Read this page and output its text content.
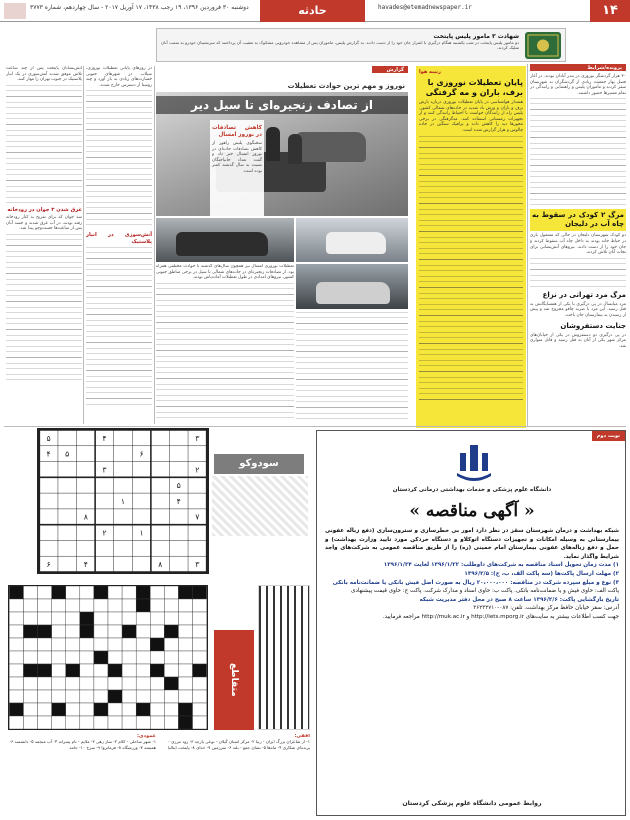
۱۴
havades@etemadnewspaper.ir
حادثه
دوشنبه ۳۰ فروردین ۱۳۹۶، ۱۹ رجب ۱۴۳۸، ۱۷ آوریل ۲۰۱۷ - سال چهاردهم، شماره ۳۷۷۳
شهادت ۳ مامور پلیس پایتخت
دو مامور پلیس پایتخت در شب یکشنبه هنگام درگیری با اشرار جان خود را از دست دادند. به گزارش پلیس، ماموران پس از مشاهده خودرویی مشکوک به تعقیب آن پرداختند که سرنشینان خودرو به سمت آنان شلیک کردند.
پرونده/شرایط

۳۰ هزار گردشگر نوروزی در بندر آبادان بودند. در آغاز فصل بهار جمعیت زیادی از گردشگران به شهرستان سفر کردند و ماموران پلیس و راهنمایی و رانندگی در تمام مسیرها حضور داشتند.

مرگ ۲ کودک در سقوط به چاه آب در دلیجان

دو کودک شهرستان دلیجان در حالی که مشغول بازی در حیاط خانه بودند به داخل چاه آب سقوط کردند و جان خود را از دست دادند. نیروهای آتش‌نشانی برای نجات آنان تلاش کردند.

مرگ مرد تهرانی در نزاع

مرد میانسال در پی درگیری با یکی از همسایگانش به قتل رسید. این مرد با ضربه چاقو مجروح شد و پیش از رسیدن به بیمارستان جان باخت.

جنایت دستفروشان

در پی درگیری دو دستفروش در یکی از خیابان‌های مرکز شهر یکی از آنان به قتل رسید و قاتل متواری شد.

رتیبه هوا
پایان تعطیلات نوروزی با برف، باران و مه گرفتگی
هشدار هواشناسی در پایان تعطیلات نوروزی درباره بارش برف و باران و وزش باد شدید در جاده‌های شمالی کشور. پلیس راه از رانندگان خواست با احتیاط رانندگی کنند و از تجهیزات زمستانی استفاده کنند. مه‌گرفتگی در برخی محورها دید را کاهش داده و ترافیک سنگین در جاده چالوس و هراز گزارش شده است.
گزارش
نوروز و مهم ترین حوادث تعطیلات
از تصادف زنجیره‌ای تا سیل دیر
کاهش تصادفات در نوروز امسال

سخنگوی پلیس راهور از کاهش تصادفات جاده‌ای در نوروز امسال خبر داد و گفت تعداد جانباختگان نسبت به سال گذشته کمتر بوده است.

تعطیلات نوروزی امسال نیز همچون سال‌های گذشته با حوادث مختلفی همراه بود. از تصادفات زنجیره‌ای در جاده‌های شمالی تا سیل در برخی مناطق جنوبی کشور، نیروهای امدادی در طول تعطیلات آماده‌باش بودند.

در روزهای پایانی تعطیلات نوروزی، سیلاب در شهرهای جنوبی خسارت‌های زیادی به بار آورد و چند روستا از دسترس خارج شدند.

آتش‌سوزی در انبار پلاستیک

آتش‌نشانان پایتخت پس از چند ساعت تلاش موفق شدند آتش‌سوزی در یک انبار پلاستیک در جنوب تهران را مهار کنند.

غرق شدن ۳ جوان در رودخانه

سه جوان که برای تفریح به کنار رودخانه رفته بودند، در آب غرق شدند و جسد آنان پس از ساعت‌ها جست‌وجو پیدا شد.

نوبت دوم
دانشگاه علوم پزشکی و خدمات بهداشتی درمانی کردستان
« آگهی مناقصه »

شبکه بهداشت و درمان شهرستان سقز در نظر دارد امور بی خطرسازی و سترون‌سازی (دفع زباله عفونی بیمارستانی به وسیله امکانات و تجهیزات دستگاه اتوکلاو و دستگاه خردکن مورد تایید وزارت بهداشت) و حمل و دفع زباله‌های عفونی بیمارستان امام خمینی (ره) را از طریق مناقصه عمومی به شرکت‌های واجد شرایط واگذار نماید.

۱) مدت زمان تحویل اسناد مناقصه به شرکت‌های داوطلب: ۱۳۹۶/۱/۲۲ لغایت ۱۳۹۶/۱/۲۴

۲) مهلت ارسال پاکت‌ها (سه پاکت الف، ب، ج): ۱۳۹۶/۲/۵

۳) نوع و مبلغ سپرده شرکت در مناقصه: ۲۰،۰۰۰،۰۰۰ ریال به صورت اصل فیش بانکی یا ضمانت‌نامه بانکی

پاکت الف: حاوی فیش و یا ضمانت‌نامه بانکی. پاکت ب: حاوی اسناد و مدارک شرکت. پاکت ج: حاوی قیمت پیشنهادی

تاریخ بازگشایی پاکت: ۱۳۹۶/۲/۶ ساعت ۸ صبح در محل دفتر مدیریت شبکه

آدرس: سقز خیابان حافظ مرکز بهداشت. تلفن: ۰۸۷-۳۶۲۳۲۷۱۰

جهت کسب اطلاعات بیشتر به سایت‌های http://iets.mporg.ir و http://muk.ac.ir مراجعه فرمایید.

روابط عمومی دانشگاه علوم پزشکی کردستان
سودوکو
۳
۴
۵
۶
۵
۴
۲
۳
۵
۴
۱
۷
۸
۱
۲
۳
۸
۴
۶
متقاطع
افقی:
۱- از شاعران بزرگ ایران - زیبا ۲- مرکز استان گیلان - نوعی پارچه ۳- رود مرزی - پرنده‌ای شکاری ۴- ماه‌ها ۵- نشان جمع - بلند ۶- سرزمین ۷- خدای ۸- پایتخت ایتالیا
عمودی:
۱- شهر ساحلی - کلام ۲- ساز زهی ۳- ملایم - نام پسرانه ۴- آب منجمد ۵- دانشمند ۶- همیشه ۷- ورزشگاه ۸- فرمانروا ۹- سرخ ۱۰- جامه
